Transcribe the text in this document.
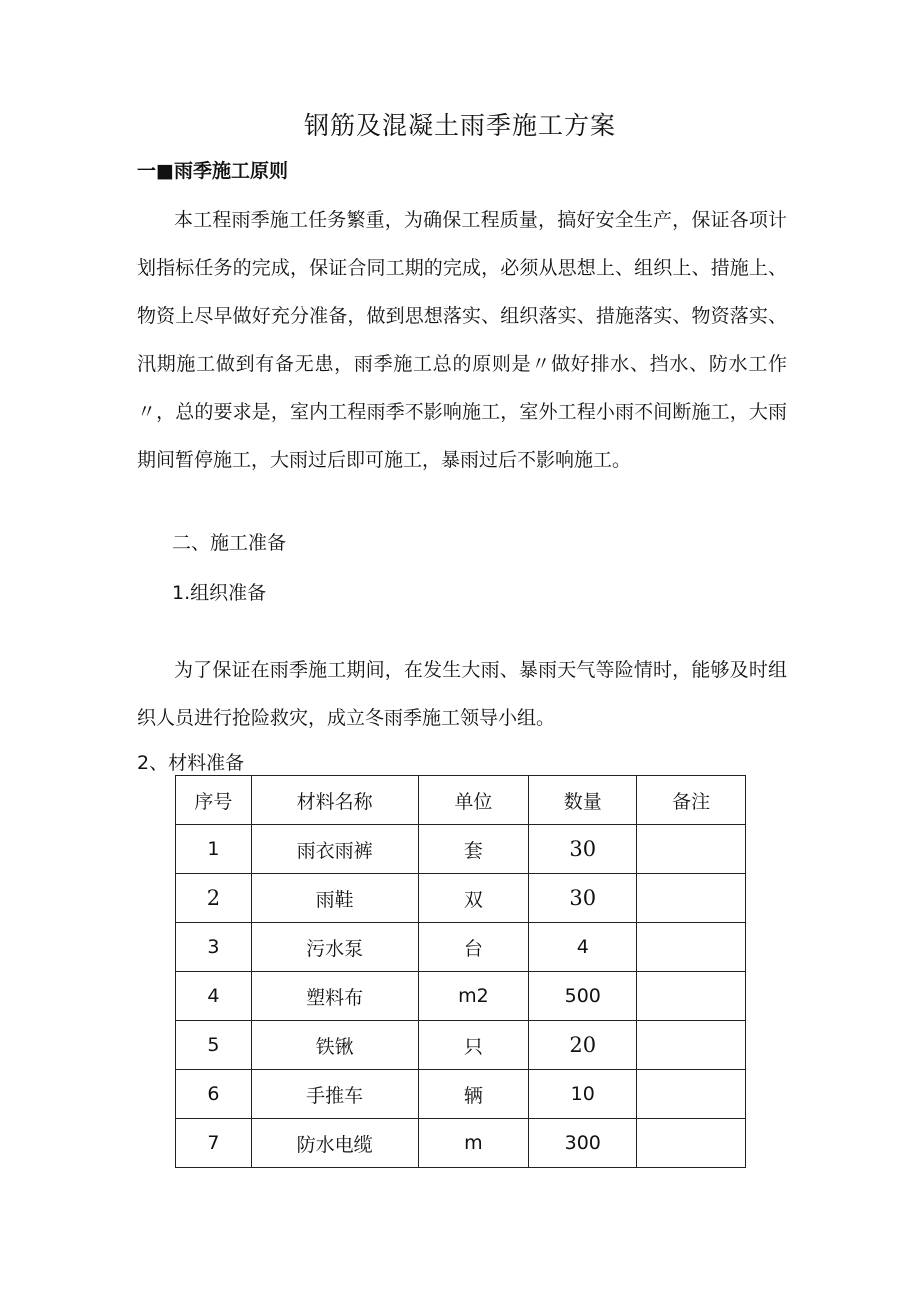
钢筋及混凝土雨季施工方案
一■雨季施工原则

本工程雨季施工任务繁重，为确保工程质量，搞好安全生产，保证各项计划指标任务的完成，保证合同工期的完成，必须从思想上、组织上、措施上、物资上尽早做好充分准备，做到思想落实、组织落实、措施落实、物资落实、汛期施工做到有备无患，雨季施工总的原则是〃做好排水、挡水、防水工作〃，总的要求是，室内工程雨季不影响施工，室外工程小雨不间断施工，大雨期间暂停施工，大雨过后即可施工，暴雨过后不影响施工。

二、施工准备
1.组织准备

为了保证在雨季施工期间，在发生大雨、暴雨天气等险情时，能够及时组织人员进行抢险救灾，成立冬雨季施工领导小组。

2、材料准备
序号	材料名称	单位	数量	备注
1	雨衣雨裤	套	30	
2	雨鞋	双	30	
3	污水泵	台	4	
4	塑料布	m2	500	
5	铁锹	只	20	
6	手推车	辆	10	
7	防水电缆	m	300	
